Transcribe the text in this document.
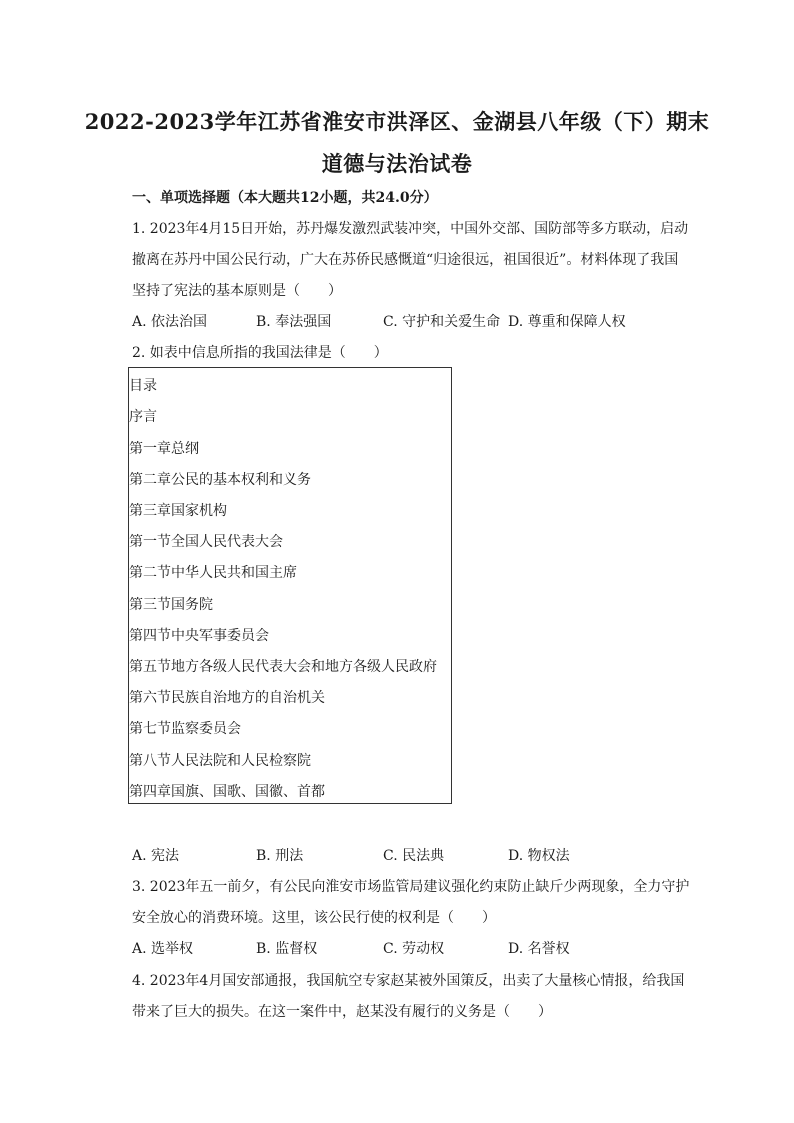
2022-2023学年江苏省淮安市洪泽区、金湖县八年级（下）期末
道德与法治试卷
一、单项选择题（本大题共12小题，共24.0分）
1. 2023年4月15日开始，苏丹爆发激烈武装冲突，中国外交部、国防部等多方联动，启动
撤离在苏丹中国公民行动，广大在苏侨民感慨道“归途很远，祖国很近”。材料体现了我国
坚持了宪法的基本原则是（　　）
A. 依法治国	B. 奉法强国	C. 守护和关爱生命 D. 尊重和保障人权
2. 如表中信息所指的我国法律是（　　）
目录
序言
第一章总纲
第二章公民的基本权利和义务
第三章国家机构
第一节全国人民代表大会
第二节中华人民共和国主席
第三节国务院
第四节中央军事委员会
第五节地方各级人民代表大会和地方各级人民政府
第六节民族自治地方的自治机关
第七节监察委员会
第八节人民法院和人民检察院
第四章国旗、国歌、国徽、首都
A. 宪法	B. 刑法	C. 民法典	D. 物权法
3. 2023年五一前夕，有公民向淮安市场监管局建议强化约束防止缺斤少两现象，全力守护
安全放心的消费环境。这里，该公民行使的权利是（　　）
A. 选举权	B. 监督权	C. 劳动权	D. 名誉权
4. 2023年4月国安部通报，我国航空专家赵某被外国策反，出卖了大量核心情报，给我国
带来了巨大的损失。在这一案件中，赵某没有履行的义务是（　　）
